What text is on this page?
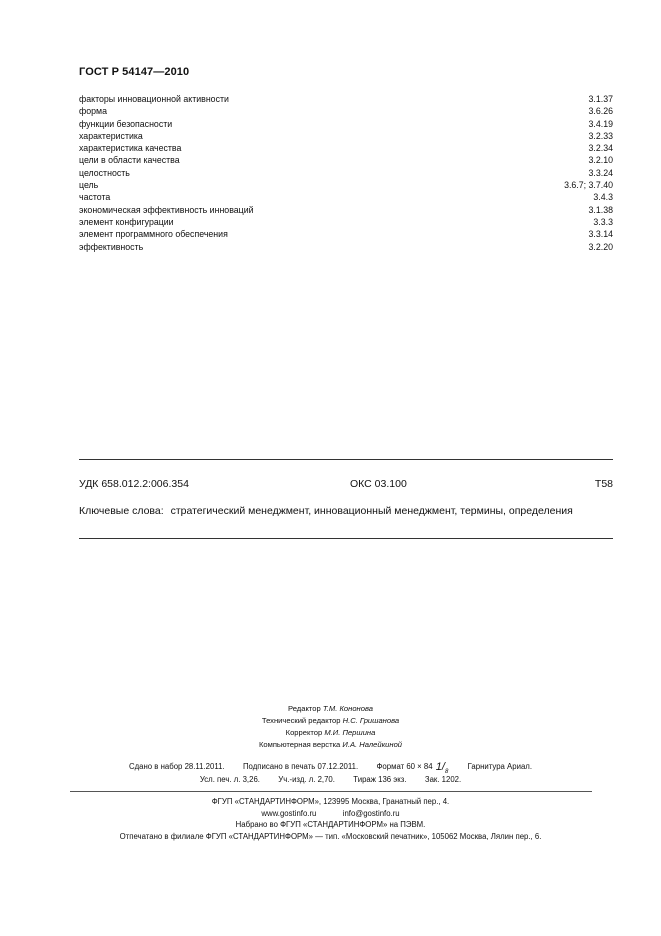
ГОСТ Р 54147—2010
факторы инновационной активности	3.1.37
форма	3.6.26
функции безопасности	3.4.19
характеристика	3.2.33
характеристика качества	3.2.34
цели в области качества	3.2.10
целостность	3.3.24
цель	3.6.7; 3.7.40
частота	3.4.3
экономическая эффективность инноваций	3.1.38
элемент конфигурации	3.3.3
элемент программного обеспечения	3.3.14
эффективность	3.2.20
УДК 658.012.2:006.354	ОКС 03.100	Т58
Ключевые слова: стратегический менеджмент, инновационный менеджмент, термины, определения
Редактор Т.М. Кононова
Технический редактор Н.С. Гришанова
Корректор М.И. Першина
Компьютерная верстка И.А. Налейкиной
Сдано в набор 28.11.2011. Подписано в печать 07.12.2011. Формат 60 × 84 $1/_8$  Гарнитура Ариал.
Усл. печ. л. 3,26. Уч.-изд. л. 2,70. Тираж 136 экз. Зак. 1202.
ФГУП «СТАНДАРТИНФОРМ», 123995 Москва, Гранатный пер., 4.
www.gostinfo.ru	info@gostinfo.ru
Набрано во ФГУП «СТАНДАРТИНФОРМ» на ПЭВМ.
Отпечатано в филиале ФГУП «СТАНДАРТИНФОРМ» — тип. «Московский печатник», 105062 Москва, Лялин пер., 6.
